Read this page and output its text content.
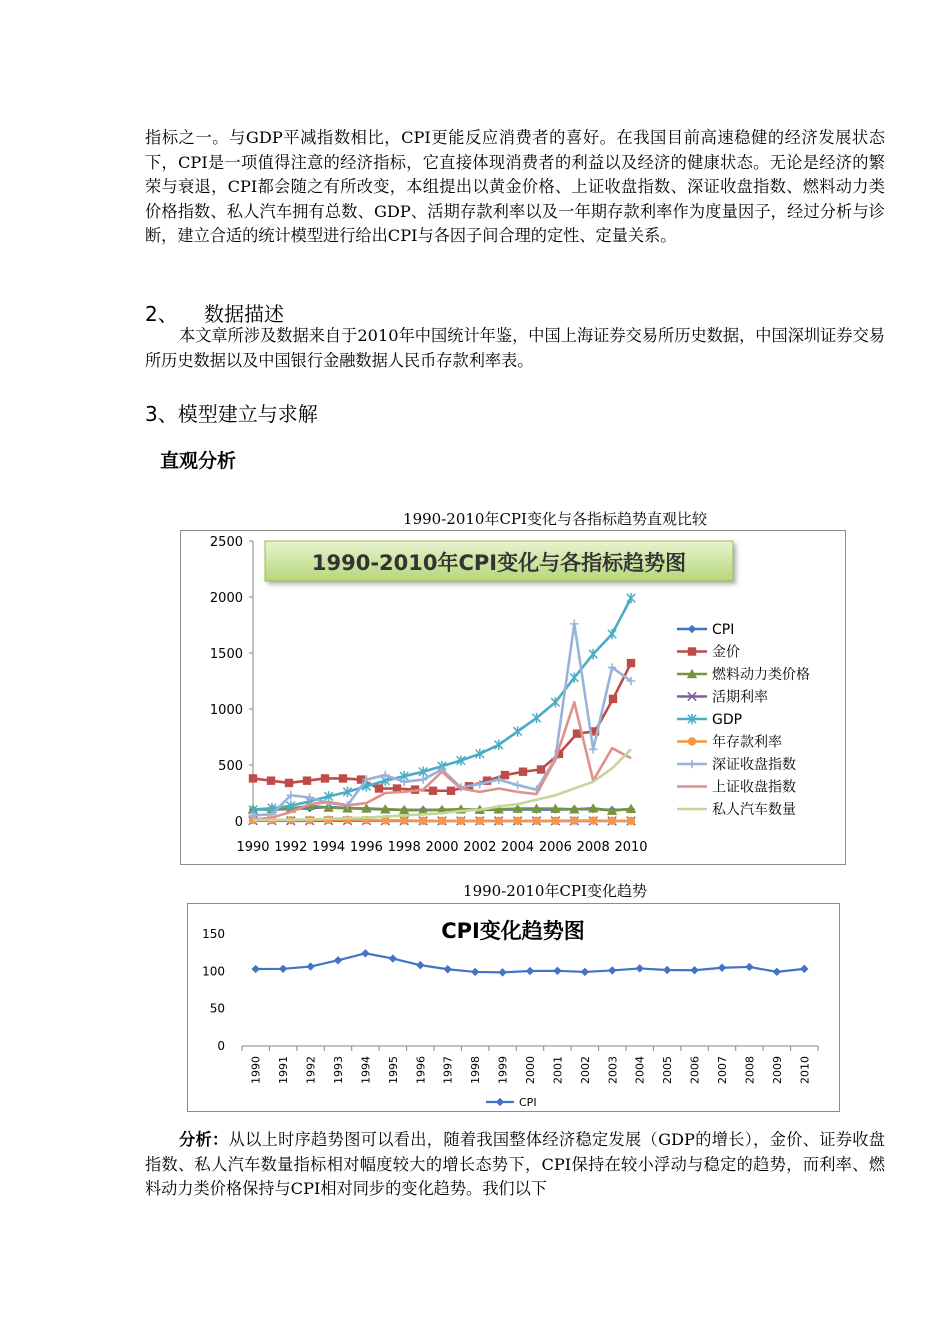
指标之一。与GDP平减指数相比，CPI更能反应消费者的喜好。在我国目前高速稳健的经济发展状态下，CPI是一项值得注意的经济指标，它直接体现消费者的利益以及经济的健康状态。无论是经济的繁荣与衰退，CPI都会随之有所改变，本组提出以黄金价格、上证收盘指数、深证收盘指数、燃料动力类价格指数、私人汽车拥有总数、GDP、活期存款利率以及一年期存款利率作为度量因子，经过分析与诊断，建立合适的统计模型进行给出CPI与各因子间合理的定性、定量关系。
2、 数据描述
本文章所涉及数据来自于2010年中国统计年鉴，中国上海证券交易所历史数据，中国深圳证券交易所历史数据以及中国银行金融数据人民币存款利率表。
3、模型建立与求解
直观分析
1990-2010年CPI变化与各指标趋势直观比较
0
500
1000
1500
2000
2500
1990 1992 1994 1996 1998 2000 2002 2004 2006 2008 2010
1990-2010年CPI变化与各指标趋势图
CPI
金价
燃料动力类价格
活期利率
GDP
年存款利率
深证收盘指数
上证收盘指数
私人汽车数量
1990-2010年CPI变化趋势
CPI变化趋势图
0
50
100
150
1990 1991 1992 1993 1994 1995 1996 1997 1998 1999 2000 2001 2002 2003 2004 2005 2006 2007 2008 2009 2010
CPI
分析：从以上时序趋势图可以看出，随着我国整体经济稳定发展（GDP的增长），金价、证券收盘指数、私人汽车数量指标相对幅度较大的增长态势下，CPI保持在较小浮动与稳定的趋势，而利率、燃料动力类价格保持与CPI相对同步的变化趋势。我们以下
